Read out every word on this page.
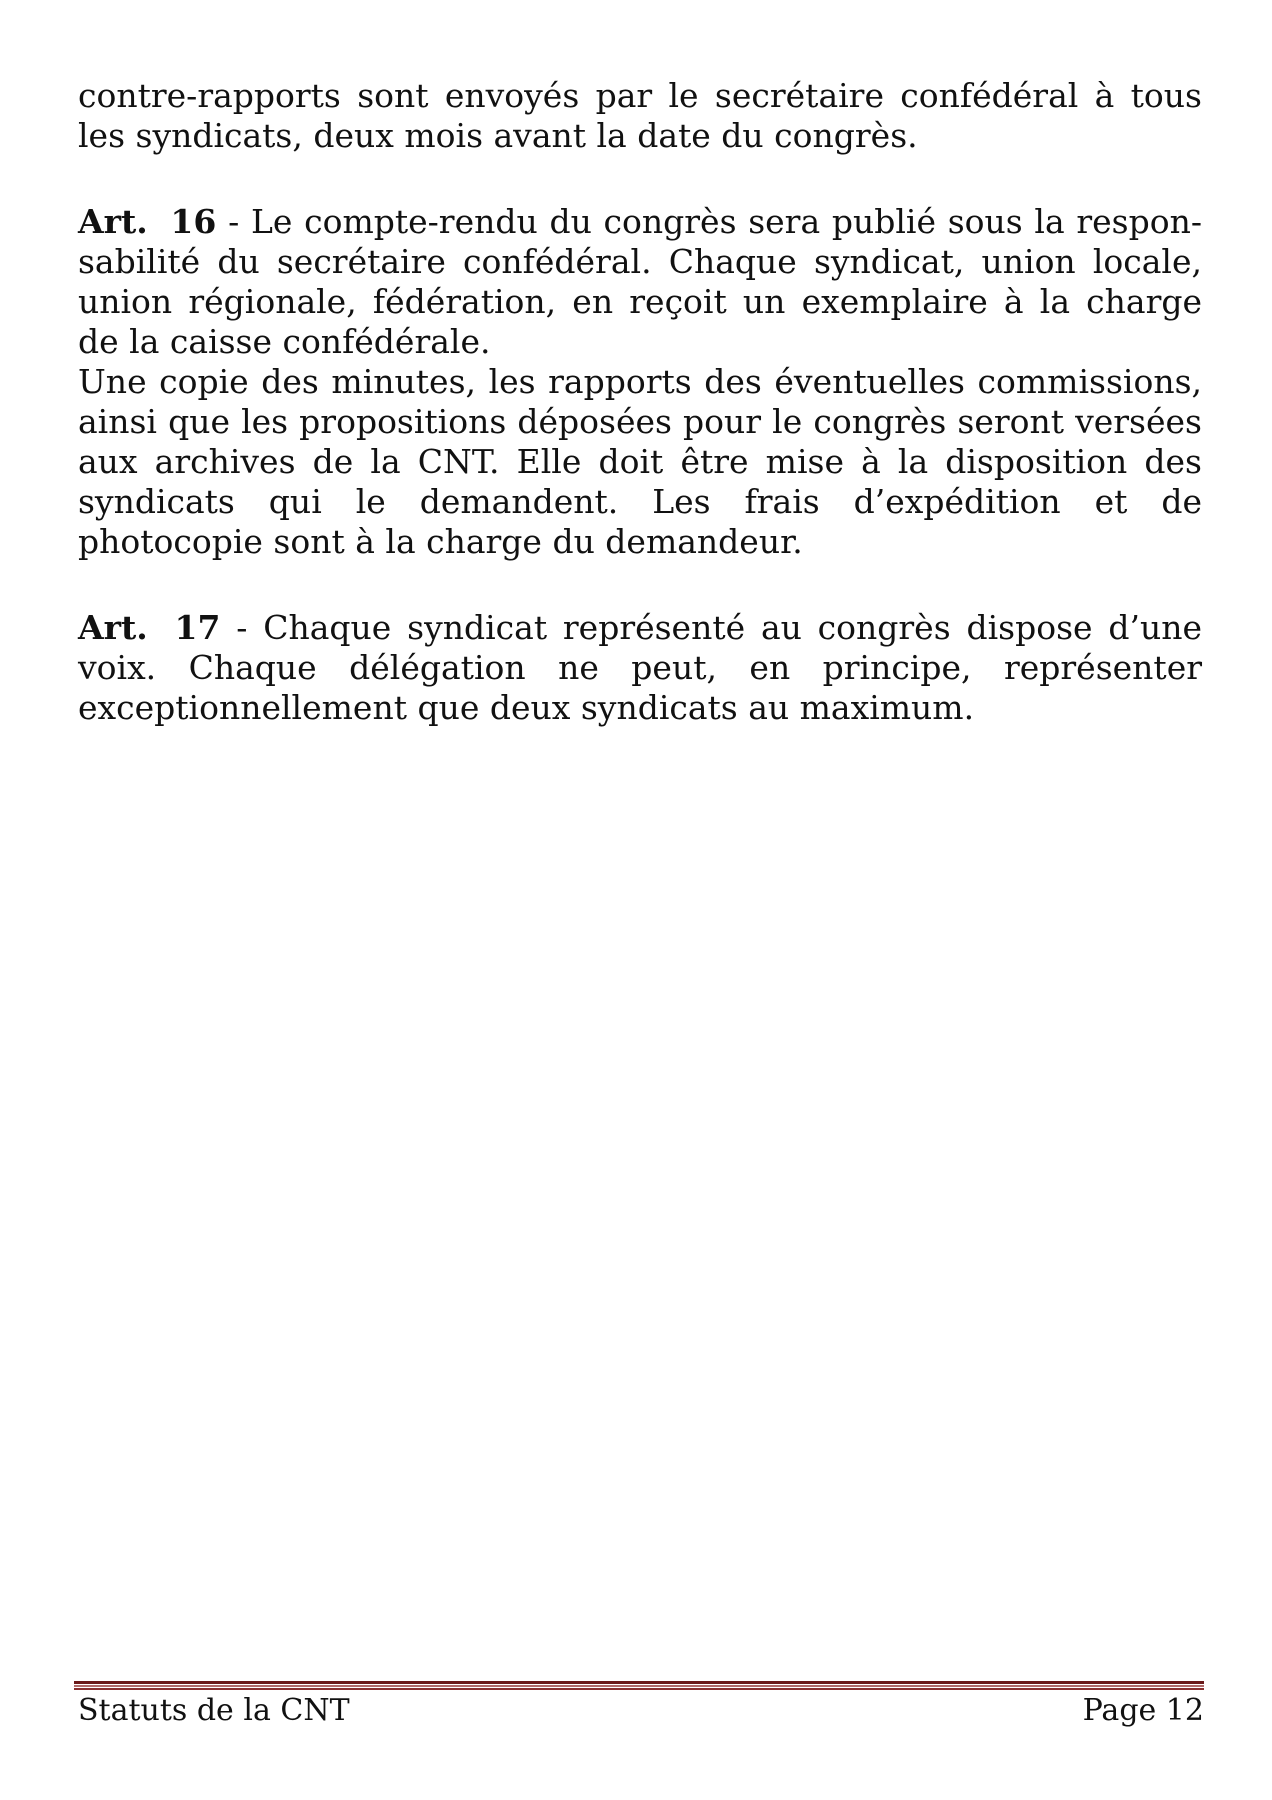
contre-rapports sont envoyés par le secrétaire confédéral à tous les syndicats, deux mois avant la date du congrès.

Art. 16 - Le compte-rendu du congrès sera publié sous la responsabilité du secrétaire confédéral. Chaque syndicat, union locale, union régionale, fédération, en reçoit un exemplaire à la charge de la caisse confédérale.

Une copie des minutes, les rapports des éventuelles commissions, ainsi que les propositions déposées pour le congrès seront versées aux archives de la CNT. Elle doit être mise à la disposition des syndicats qui le demandent. Les frais d’expédition et de photocopie sont à la charge du demandeur.

Art. 17 - Chaque syndicat représenté au congrès dispose d’une voix. Chaque délégation ne peut, en principe, représenter exceptionnellement que deux syndicats au maximum.

Statuts de la CNT	Page 12
